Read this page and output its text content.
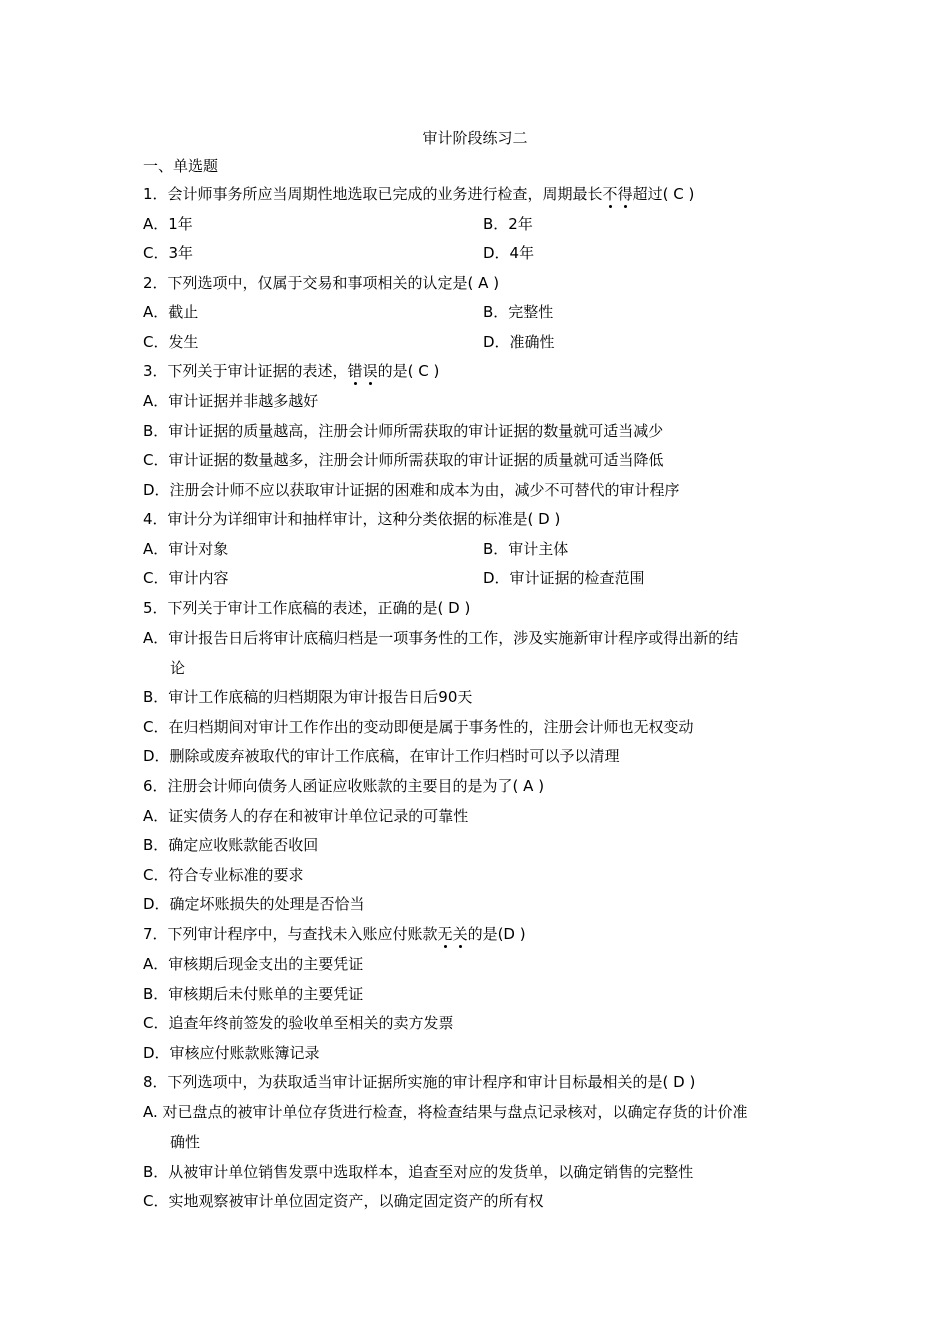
审计阶段练习二
一、单选题
1．会计师事务所应当周期性地选取已完成的业务进行检查，周期最长不得超过( C )
A．1年	B．2年
C．3年	D．4年
2．下列选项中，仅属于交易和事项相关的认定是( A )
A．截止	B．完整性
C．发生	D．准确性
3．下列关于审计证据的表述，错误的是( C )
A．审计证据并非越多越好
B．审计证据的质量越高，注册会计师所需获取的审计证据的数量就可适当减少
C．审计证据的数量越多，注册会计师所需获取的审计证据的质量就可适当降低
D．注册会计师不应以获取审计证据的困难和成本为由，减少不可替代的审计程序
4．审计分为详细审计和抽样审计，这种分类依据的标准是( D )
A．审计对象	B．审计主体
C．审计内容	D．审计证据的检查范围
5．下列关于审计工作底稿的表述，正确的是( D )
A．审计报告日后将审计底稿归档是一项事务性的工作，涉及实施新审计程序或得出新的结
论
B．审计工作底稿的归档期限为审计报告日后90天
C．在归档期间对审计工作作出的变动即便是属于事务性的，注册会计师也无权变动
D．删除或废弃被取代的审计工作底稿，在审计工作归档时可以予以清理
6．注册会计师向债务人函证应收账款的主要目的是为了( A )
A．证实债务人的存在和被审计单位记录的可靠性
B．确定应收账款能否收回
C．符合专业标准的要求
D．确定坏账损失的处理是否恰当
7．下列审计程序中，与查找未入账应付账款无关的是(D )
A．审核期后现金支出的主要凭证
B．审核期后未付账单的主要凭证
C．追查年终前签发的验收单至相关的卖方发票
D．审核应付账款账簿记录
8．下列选项中，为获取适当审计证据所实施的审计程序和审计目标最相关的是( D )
A. 对已盘点的被审计单位存货进行检查，将检查结果与盘点记录核对，以确定存货的计价准
确性
B．从被审计单位销售发票中选取样本，追查至对应的发货单，以确定销售的完整性
C．实地观察被审计单位固定资产，以确定固定资产的所有权
